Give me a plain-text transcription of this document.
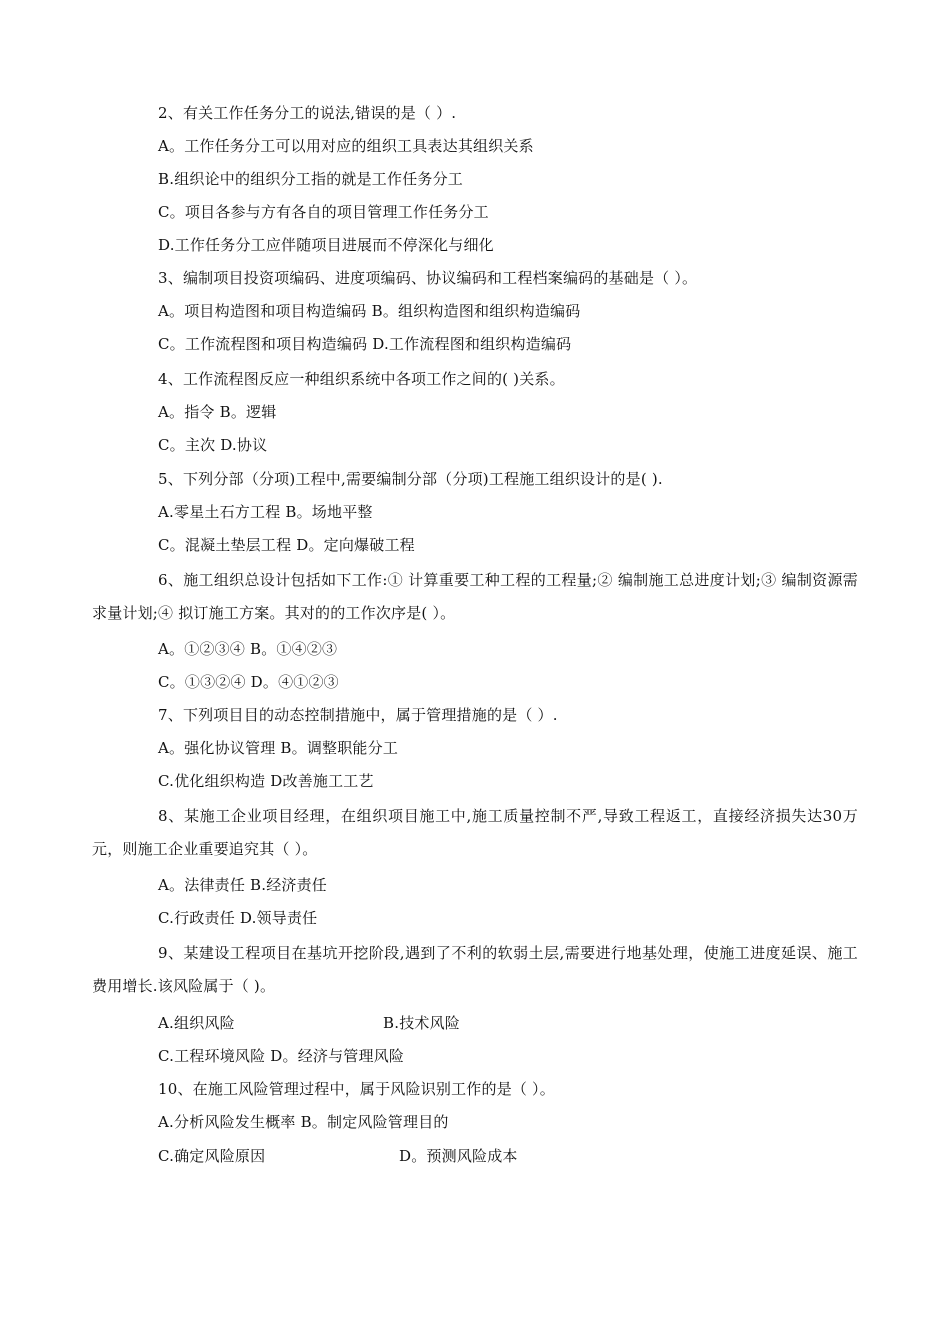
2、有关工作任务分工的说法,错误的是（ ）.
A。工作任务分工可以用对应的组织工具表达其组织关系
B.组织论中的组织分工指的就是工作任务分工
C。项目各参与方有各自的项目管理工作任务分工
D.工作任务分工应伴随项目进展而不停深化与细化
3、编制项目投资项编码、进度项编码、协议编码和工程档案编码的基础是（ ）。
A。项目构造图和项目构造编码 B。组织构造图和组织构造编码
C。工作流程图和项目构造编码 D.工作流程图和组织构造编码
4、工作流程图反应一种组织系统中各项工作之间的( )关系。
A。指令 B。逻辑
C。主次 D.协议
5、下列分部（分项)工程中,需要编制分部（分项)工程施工组织设计的是( ).
A.零星土石方工程 B。场地平整
C。混凝土垫层工程 D。定向爆破工程
6、施工组织总设计包括如下工作:① 计算重要工种工程的工程量;② 编制施工总进度计划;③ 编制资源需求量计划;④ 拟订施工方案。其对的的工作次序是( ）。
A。①②③④ B。①④②③
C。①③②④ D。④①②③
7、下列项目目的动态控制措施中，属于管理措施的是（ ）.
A。强化协议管理 B。调整职能分工
C.优化组织构造 D改善施工工艺
8、某施工企业项目经理，在组织项目施工中,施工质量控制不严,导致工程返工，直接经济损失达30万元，则施工企业重要追究其（ ）。
A。法律责任 B.经济责任
C.行政责任 D.领导责任
9、某建设工程项目在基坑开挖阶段,遇到了不利的软弱土层,需要进行地基处理，使施工进度延误、施工费用增长.该风险属于（ )。
A.组织风险	B.技术风险
C.工程环境风险 D。经济与管理风险
10、在施工风险管理过程中，属于风险识别工作的是（ ）。
A.分析风险发生概率 B。制定风险管理目的
C.确定风险原因	D。预测风险成本
